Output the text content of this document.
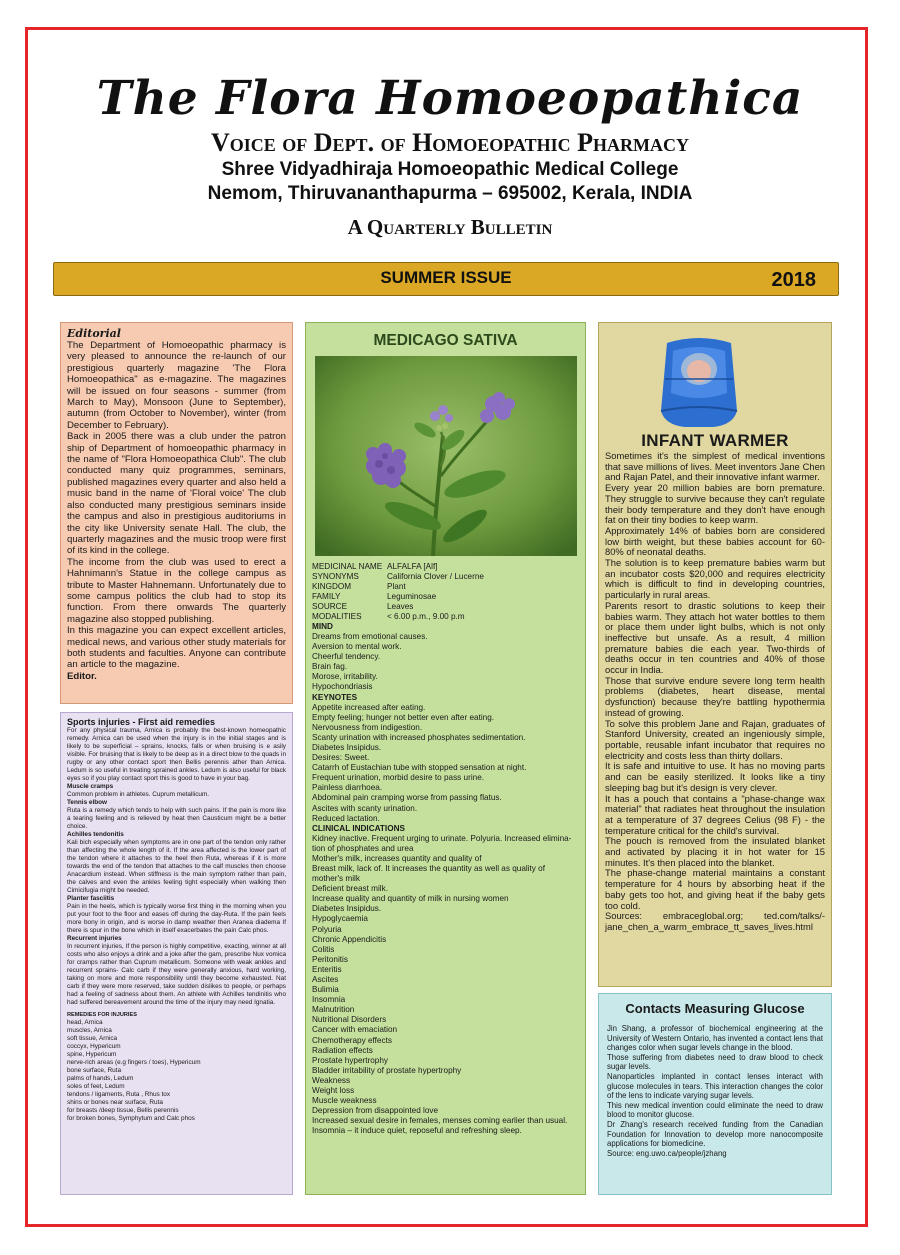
The Flora Homoeopathica
Voice of Dept. of Homoeopathic Pharmacy
Shree Vidyadhiraja Homoeopathic Medical College
Nemom, Thiruvananthapurma – 695002, Kerala, INDIA
A Quarterly Bulletin
SUMMER ISSUE	2018
Editorial

The Department of Homoeopathic pharmacy is very pleased to announce the re-launch of our prestigious quarterly magazine 'The Flora Homoeopathica" as e-magazine. The magazines will be issued on four seasons - summer (from March to May), Monsoon (June to September), autumn (from October to November), winter (from December to February).

Back in 2005 there was a club under the patron ship of Department of homoeopathic pharmacy in the name of "Flora Homoeopathica Club". The club conducted many quiz programmes, seminars, published magazines every quarter and also held a music band in the name of 'Floral voice' The club also conducted many prestigious seminars inside the campus and also in prestigious auditoriums in the city like University senate Hall. The club, the quarterly magazines and the music troop were first of its kind in the college.

The income from the club was used to erect a Hahnimann's Statue in the college campus as tribute to Master Hahnemann. Unfortunately due to some campus politics the club had to stop its function. From there onwards The quarterly magazine also stopped publishing.

In this magazine you can expect excellent articles, medical news, and various other study materials for both students and faculties. Anyone can contribute an article to the magazine.

Editor.
Sports injuries - First aid remedies

For any physical trauma, Arnica is probably the best-known homeopathic remedy. Arnica can be used when the injury is in the initial stages and is likely to be superficial – sprains, knocks, falls or when bruising is e asily visible. For bruising that is likely to be deep as in a direct blow to the quads in rugby or any other contact sport then Bellis perennis ather than Arnica. Ledum is so useful in treating sprained ankles. Ledum is also useful for black eyes so if you play contact sport this is good to have in your bag.

Muscle cramps

Common problem in athletes. Cuprum metallicum.

Tennis elbow

Ruta is a remedy which tends to help with such pains. If the pain is more like a tearing feeling and is relieved by heat then Causticum might be a better choice.

Achilles tendonitis

Kali bich especially when symptoms are in one part of the tendon only rather than affecting the whole length of it. If the area affected is the lower part of the tendon where it attaches to the heel then Ruta, whereas if it is more towards the end of the tendon that attaches to the calf muscles then choose Anacardium instead. When stiffness is the main symptom rather than pain, the calves and even the ankles feeling tight especially when walking then Cimicifugia might be needed.

Planter fasciitis

Pain in the heels, which is typically worse first thing in the morning when you put your foot to the floor and eases off during the day-Ruta. If the pain feels more bony in origin, and is worse in damp weather then Aranea diadema If there is spur in the bone which in itself exacerbates the pain Calc phos.

Recurrent injuries

In recurrent injuries, If the person is highly competitive, exacting, winner at all costs who also enjoys a drink and a joke after the gam, prescribe Nux vomica for cramps rather than Cuprum metallicum. Someone with weak ankles and recurrent sprains- Calc carb if they were generally anxious, hard working, taking on more and more responsibility until they become exhausted. Nat carb if they were more reserved, take sudden dislikes to people, or perhaps had a feeling of sadness about them. An athlete with Achilles tendinitis who had suffered bereavement around the time of the injury may need Ignatia.

REMEDIES FOR INJURIES
head, Arnica
muscles, Arnica
soft tissue, Arnica
coccyx, Hypericum
spine, Hypericum
nerve-rich areas (e.g fingers / toes), Hypericum
bone surface, Ruta
palms of hands, Ledum
soles of feet, Ledum
tendons / ligaments, Ruta , Rhus tox
shins or bones near surface, Ruta
for breasts /deep tissue, Bellis perennis
for broken bones, Symphytum and Calc phos
MEDICAGO SATIVA
MEDICINAL NAME	ALFALFA [Alf]
SYNONYMS	California Clover / Lucerne
KINGDOM	Plant
FAMILY	Leguminosae
SOURCE	Leaves
MODALITIES	< 6.00 p.m., 9.00 p.m
MIND
Dreams from emotional causes.
Aversion to mental work.
Cheerful tendency.
Brain fag.
Morose, irritability.
Hypochondriasis
KEYNOTES
Appetite increased after eating.
Empty feeling; hunger not better even after eating.
Nervousness from indigestion.
Scanty urination with increased phosphates sedimentation.
Diabetes Insipidus.
Desires: Sweet.
Catarrh of Eustachian tube with stopped sensation at night.
Frequent urination, morbid desire to pass urine.
Painless diarrhoea.
Abdominal pain cramping worse from passing flatus.
Ascites with scanty urination.
Reduced lactation.
CLINICAL INDICATIONS
Kidney inactive. Frequent urging to urinate. Polyuria. Increased elimina-
tion of phosphates and urea
Mother's milk, increases quantity and quality of
Breast milk, lack of. It increases the quantity as well as quality of
mother's milk
Deficient breast milk.
Increase quality and quantity of milk in nursing women
Diabetes Insipidus.
Hypoglycaemia
Polyuria
Chronic Appendicitis
Colitis
Peritonitis
Enteritis
Ascites
Bulimia
Insomnia
Malnutrition
Nutritional Disorders
Cancer with emaciation
Chemotherapy effects
Radiation effects
Prostate hypertrophy
Bladder irritability of prostate hypertrophy
Weakness
Weight loss
Muscle weakness
Depression from disappointed love
Increased sexual desire in females, menses coming earlier than usual.
Insomnia – it induce quiet, reposeful and refreshing sleep.
INFANT WARMER

Sometimes it's the simplest of medical inventions that save millions of lives. Meet inventors Jane Chen and Rajan Patel, and their innovative infant warmer.

Every year 20 million babies are born premature. They struggle to survive because they can't regulate their body temperature and they don't have enough fat on their tiny bodies to keep warm.

Approximately 14% of babies born are considered low birth weight, but these babies account for 60-80% of neonatal deaths.

The solution is to keep premature babies warm but an incubator costs $20,000 and requires electricity which is difficult to find in developing countries, particularly in rural areas.

Parents resort to drastic solutions to keep their babies warm. They attach hot water bottles to them or place them under light bulbs, which is not only ineffective but unsafe. As a result, 4 million premature babies die each year. Two-thirds of deaths occur in ten countries and 40% of those occur in India.

Those that survive endure severe long term health problems (diabetes, heart disease, mental dysfunction) because they're battling hypothermia instead of growing.

To solve this problem Jane and Rajan, graduates of Stanford University, created an ingeniously simple, portable, reusable infant incubator that requires no electricity and costs less than thirty dollars.

It is safe and intuitive to use. It has no moving parts and can be easily sterilized. It looks like a tiny sleeping bag but it's design is very clever.

It has a pouch that contains a "phase-change wax material" that radiates heat throughout the insulation at a temperature of 37 degrees Celius (98 F) - the temperature critical for the child's survival.

The pouch is removed from the insulated blanket and activated by placing it in hot water for 15 minutes. It's then placed into the blanket.

The phase-change material maintains a constant temperature for 4 hours by absorbing heat if the baby gets too hot, and giving heat if the baby gets too cold.

Sources: embraceglobal.org; ted.com/talks/-jane_chen_a_warm_embrace_tt_saves_lives.html

Contacts Measuring Glucose

Jin Shang, a professor of biochemical engineering at the University of Western Ontario, has invented a contact lens that changes color when sugar levels change in the blood.

Those suffering from diabetes need to draw blood to check sugar levels.

Nanoparticles implanted in contact lenses interact with glucose molecules in tears. This interaction changes the color of the lens to indicate varying sugar levels.

This new medical invention could eliminate the need to draw blood to monitor glucose.

Dr Zhang's research received funding from the Canadian Foundation for Innovation to develop more nanocomposite applications for biomedicine.

Source: eng.uwo.ca/people/jzhang
